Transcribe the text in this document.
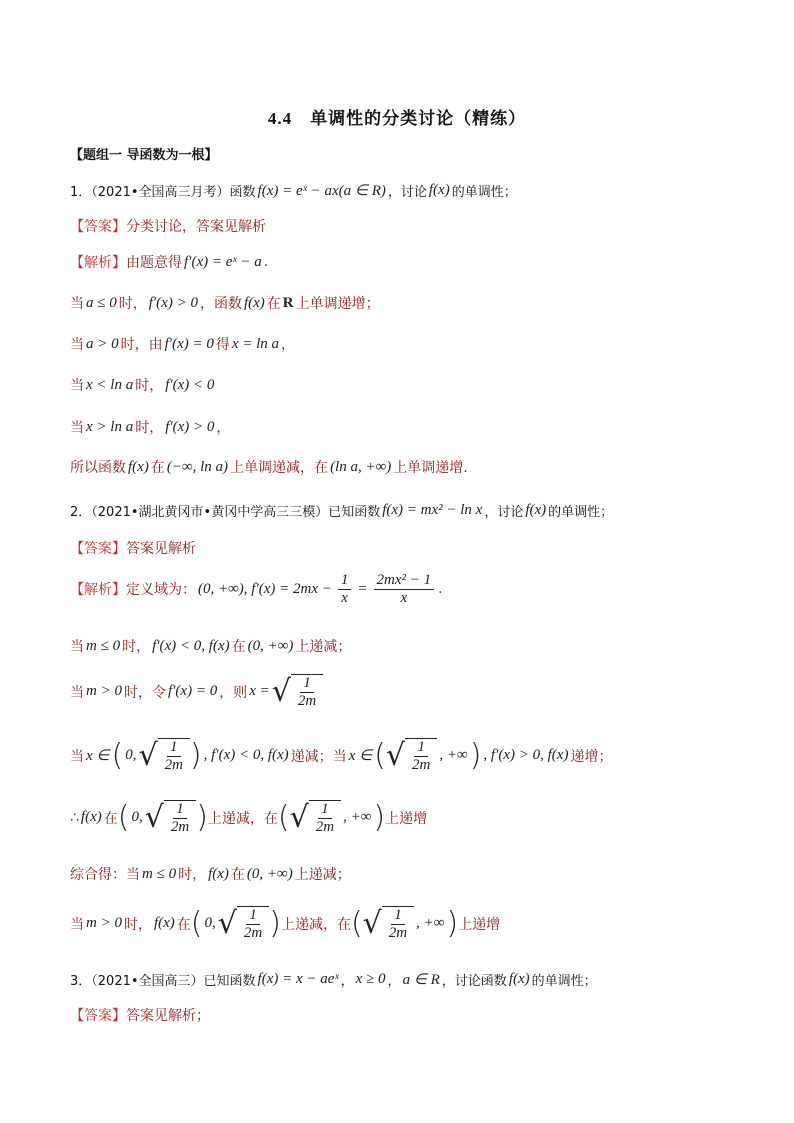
4.4 单调性的分类讨论（精练）
【题组一 导函数为一根】
1．（2021•全国高三月考）函数 f(x) = eˣ − ax(a ∈ R) ，讨论 f(x) 的单调性；
【答案】 分类讨论，答案见解析
【解析】 由题意得 f′(x) = eˣ − a .
当 a ≤ 0 时， f′(x) > 0 ，函数 f(x) 在 R 上单调递增；
当 a > 0 时，由 f′(x) = 0 得 x = ln a ，
当 x < ln a 时， f′(x) < 0
当 x > ln a 时， f′(x) > 0 ，
所以函数 f(x) 在 (−∞, ln a) 上单调递减，在 (ln a, +∞) 上单调递增.
2．（2021•湖北黄冈市•黄冈中学高三三模）已知函数 f(x) = mx² − ln x ，讨论 f(x) 的单调性；
【答案】 答案见解析
【解析】 定义域为： (0, +∞), $f'(x) = 2mx - \frac{1}{x} = \frac{\text{2mx² − 1}}{x}$ .
当 m ≤ 0 时， f′(x) < 0, f(x) 在 (0, +∞) 上递减；
当 m > 0 时，令 f′(x) = 0 ，则 x = √ $\frac{1}{2m}$
当 x ∈ ( 0, √ $\frac{1}{2m}$ ) , f′(x) < 0, f(x) 递减；当 x ∈ ( √ $\frac{1}{2m}$ , +∞ ) , f′(x) > 0, f(x) 递增；
∴ f(x) 在 ( 0, √ $\frac{1}{2m}$ ) 上递减，在 ( √ $\frac{1}{2m}$ , +∞ ) 上递增
综合得：当 m ≤ 0 时， f(x) 在 (0, +∞) 上递减；
当 m > 0 时， f(x) 在 ( 0, √ $\frac{1}{2m}$ ) 上递减，在 ( √ $\frac{1}{2m}$ , +∞ ) 上递增
3．（2021•全国高三）已知函数 f(x) = x − aeˣ ， x ≥ 0 ， a ∈ R ，讨论函数 f(x) 的单调性；
【答案】 答案见解析；
